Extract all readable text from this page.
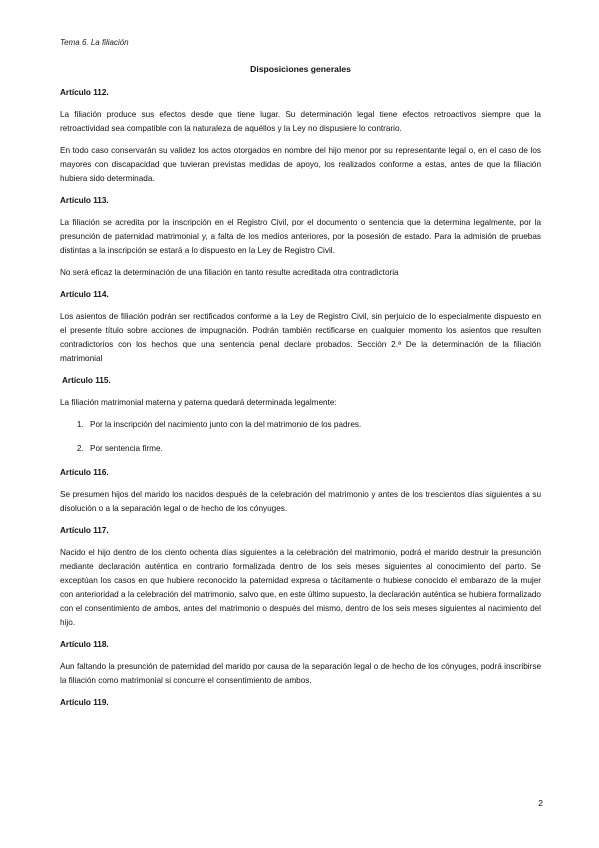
Tema 6. La filiación
Disposiciones generales
Artículo 112.

La filiación produce sus efectos desde que tiene lugar. Su determinación legal tiene efectos retroactivos siempre que la retroactividad sea compatible con la naturaleza de aquéllos y la Ley no dispusiere lo contrario.

En todo caso conservarán su validez los actos otorgados en nombre del hijo menor por su representante legal o, en el caso de los mayores con discapacidad que tuvieran previstas medidas de apoyo, los realizados conforme a estas, antes de que la filiación hubiera sido determinada.

Artículo 113.

La filiación se acredita por la inscripción en el Registro Civil, por el documento o sentencia que la determina legalmente, por la presunción de paternidad matrimonial y, a falta de los medios anteriores, por la posesión de estado. Para la admisión de pruebas distintas a la inscripción se estará a lo dispuesto en la Ley de Registro Civil.

No será eficaz la determinación de una filiación en tanto resulte acreditada otra contradictoria

Artículo 114.

Los asientos de filiación podrán ser rectificados conforme a la Ley de Registro Civil, sin perjuicio de lo especialmente dispuesto en el presente título sobre acciones de impugnación. Podrán también rectificarse en cualquier momento los asientos que resulten contradictorios con los hechos que una sentencia penal declare probados. Sección 2.ª De la determinación de la filiación matrimonial

Artículo 115.

La filiación matrimonial materna y paterna quedará determinada legalmente:

1. Por la inscripción del nacimiento junto con la del matrimonio de los padres.
2. Por sentencia firme.
Artículo 116.

Se presumen hijos del marido los nacidos después de la celebración del matrimonio y antes de los trescientos días siguientes a su disolución o a la separación legal o de hecho de los cónyuges.

Artículo 117.

Nacido el hijo dentro de los ciento ochenta días siguientes a la celebración del matrimonio, podrá el marido destruir la presunción mediante declaración auténtica en contrario formalizada dentro de los seis meses siguientes al conocimiento del parto. Se exceptúan los casos en que hubiere reconocido la paternidad expresa o tácitamente o hubiese conocido el embarazo de la mujer con anterioridad a la celebración del matrimonio, salvo que, en este último supuesto, la declaración auténtica se hubiera formalizado con el consentimiento de ambos, antes del matrimonio o después del mismo, dentro de los seis meses siguientes al nacimiento del hijo.

Artículo 118.

Aun faltando la presunción de paternidad del marido por causa de la separación legal o de hecho de los cónyuges, podrá inscribirse la filiación como matrimonial si concurre el consentimiento de ambos.

Artículo 119.
2
